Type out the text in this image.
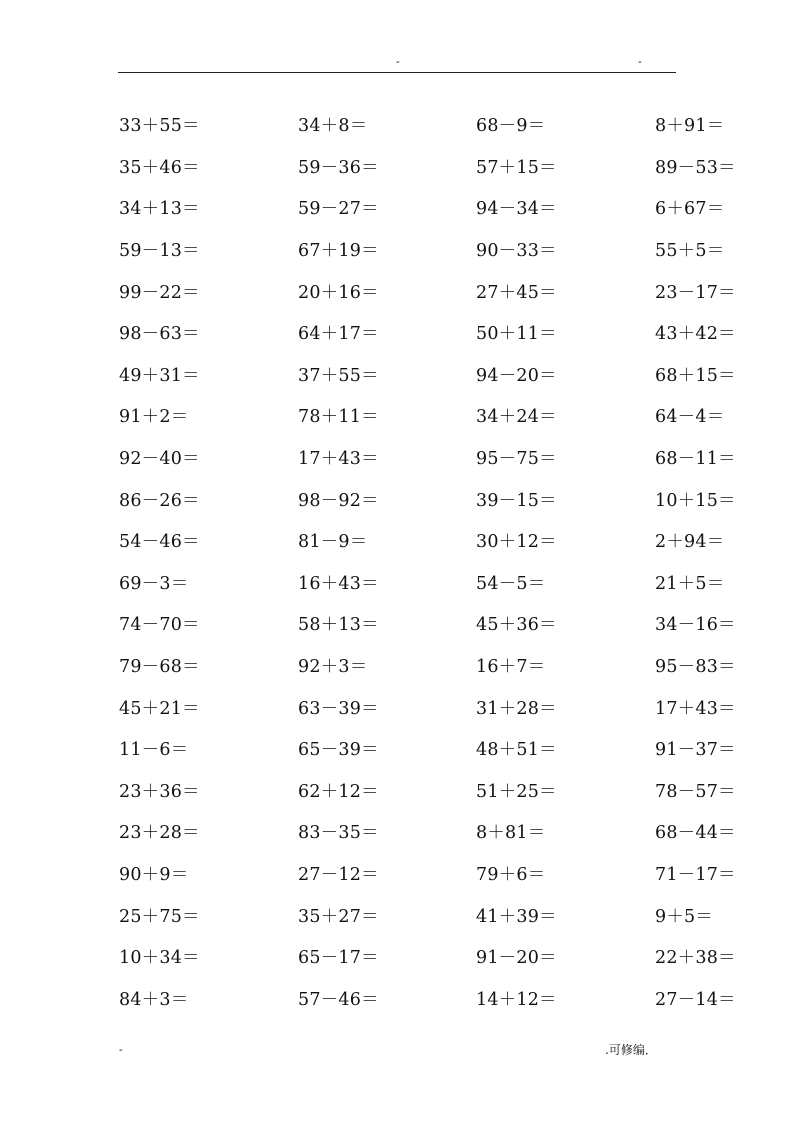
-	-
33＋55＝	34＋8＝	68－9＝	8＋91＝
35＋46＝	59－36＝	57＋15＝	89－53＝
34＋13＝	59－27＝	94－34＝	6＋67＝
59－13＝	67＋19＝	90－33＝	55＋5＝
99－22＝	20＋16＝	27＋45＝	23－17＝
98－63＝	64＋17＝	50＋11＝	43＋42＝
49＋31＝	37＋55＝	94－20＝	68＋15＝
91＋2＝	78＋11＝	34＋24＝	64－4＝
92－40＝	17＋43＝	95－75＝	68－11＝
86－26＝	98－92＝	39－15＝	10＋15＝
54－46＝	81－9＝	30＋12＝	2＋94＝
69－3＝	16＋43＝	54－5＝	21＋5＝
74－70＝	58＋13＝	45＋36＝	34－16＝
79－68＝	92＋3＝	16＋7＝	95－83＝
45＋21＝	63－39＝	31＋28＝	17＋43＝
11－6＝	65－39＝	48＋51＝	91－37＝
23＋36＝	62＋12＝	51＋25＝	78－57＝
23＋28＝	83－35＝	8＋81＝	68－44＝
90＋9＝	27－12＝	79＋6＝	71－17＝
25＋75＝	35＋27＝	41＋39＝	9＋5＝
10＋34＝	65－17＝	91－20＝	22＋38＝
84＋3＝	57－46＝	14＋12＝	27－14＝
-	.可修编．
